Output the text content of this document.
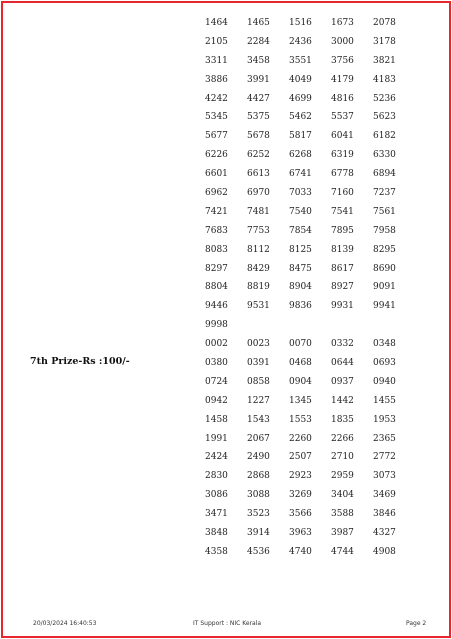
7th Prize-Rs :100/-
1464	1465	1516	1673	2078
2105	2284	2436	3000	3178
3311	3458	3551	3756	3821
3886	3991	4049	4179	4183
4242	4427	4699	4816	5236
5345	5375	5462	5537	5623
5677	5678	5817	6041	6182
6226	6252	6268	6319	6330
6601	6613	6741	6778	6894
6962	6970	7033	7160	7237
7421	7481	7540	7541	7561
7683	7753	7854	7895	7958
8083	8112	8125	8139	8295
8297	8429	8475	8617	8690
8804	8819	8904	8927	9091
9446	9531	9836	9931	9941
9998
0002	0023	0070	0332	0348
0380	0391	0468	0644	0693
0724	0858	0904	0937	0940
0942	1227	1345	1442	1455
1458	1543	1553	1835	1953
1991	2067	2260	2266	2365
2424	2490	2507	2710	2772
2830	2868	2923	2959	3073
3086	3088	3269	3404	3469
3471	3523	3566	3588	3846
3848	3914	3963	3987	4327
4358	4536	4740	4744	4908
20/03/2024 16:40:53	IT Support : NIC Kerala	Page 2
